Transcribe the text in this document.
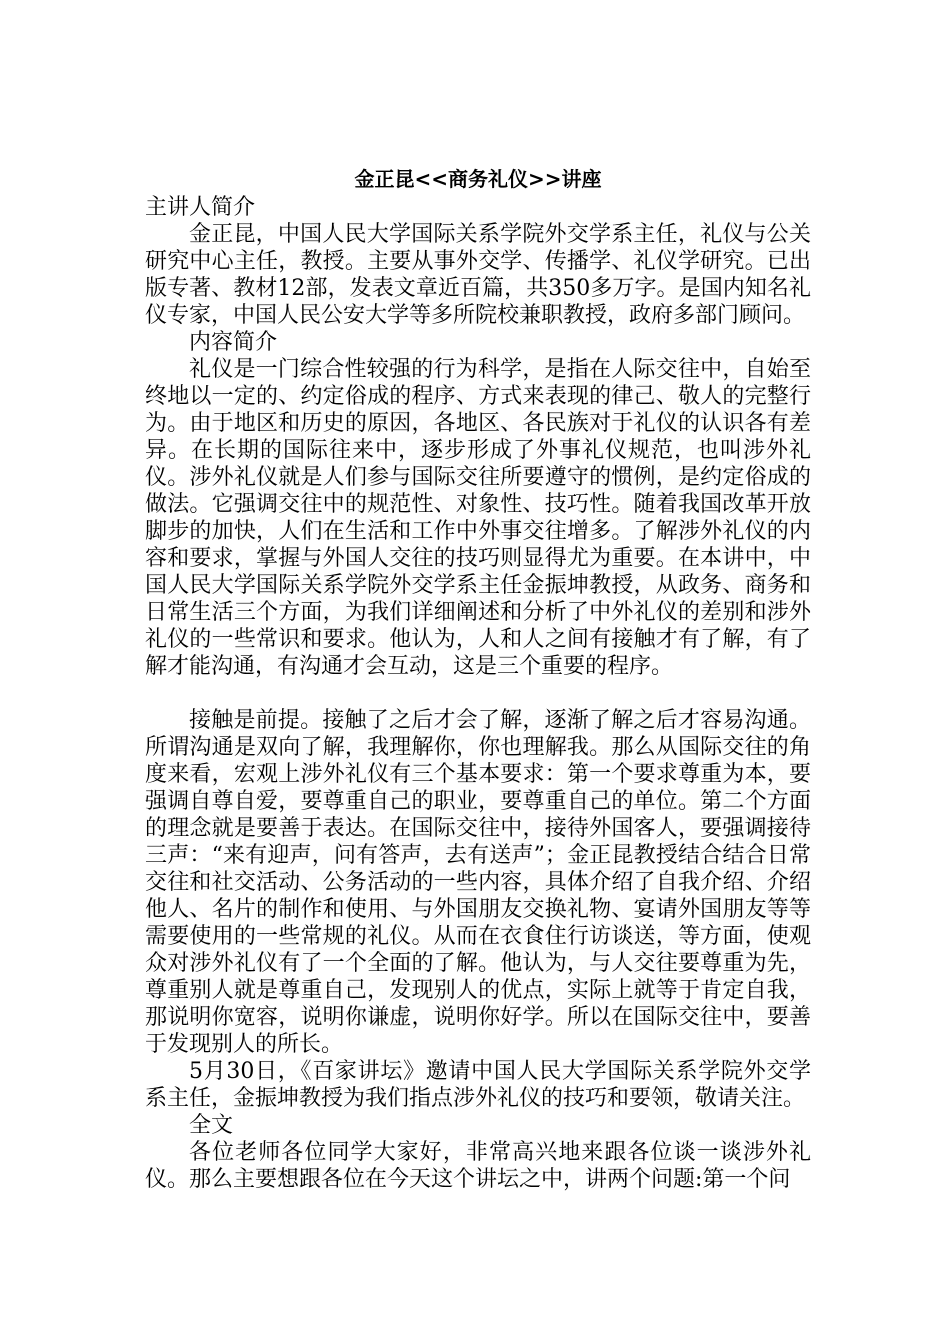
金正昆<<商务礼仪>>讲座
主讲人简介
金正昆，中国人民大学国际关系学院外交学系主任，礼仪与公关研究中心主任，教授。主要从事外交学、传播学、礼仪学研究。已出版专著、教材12部，发表文章近百篇，共350多万字。是国内知名礼仪专家，中国人民公安大学等多所院校兼职教授，政府多部门顾问。
内容简介
礼仪是一门综合性较强的行为科学，是指在人际交往中，自始至终地以一定的、约定俗成的程序、方式来表现的律己、敬人的完整行为。由于地区和历史的原因，各地区、各民族对于礼仪的认识各有差异。在长期的国际往来中，逐步形成了外事礼仪规范，也叫涉外礼仪。涉外礼仪就是人们参与国际交往所要遵守的惯例，是约定俗成的做法。它强调交往中的规范性、对象性、技巧性。随着我国改革开放脚步的加快，人们在生活和工作中外事交往增多。了解涉外礼仪的内容和要求，掌握与外国人交往的技巧则显得尤为重要。在本讲中，中国人民大学国际关系学院外交学系主任金振坤教授，从政务、商务和日常生活三个方面，为我们详细阐述和分析了中外礼仪的差别和涉外礼仪的一些常识和要求。他认为，人和人之间有接触才有了解，有了解才能沟通，有沟通才会互动，这是三个重要的程序。
接触是前提。接触了之后才会了解，逐渐了解之后才容易沟通。所谓沟通是双向了解，我理解你，你也理解我。那么从国际交往的角度来看，宏观上涉外礼仪有三个基本要求：第一个要求尊重为本，要强调自尊自爱，要尊重自己的职业，要尊重自己的单位。第二个方面的理念就是要善于表达。在国际交往中，接待外国客人，要强调接待三声：“来有迎声，问有答声，去有送声”；金正昆教授结合结合日常交往和社交活动、公务活动的一些内容，具体介绍了自我介绍、介绍他人、名片的制作和使用、与外国朋友交换礼物、宴请外国朋友等等需要使用的一些常规的礼仪。从而在衣食住行访谈送，等方面，使观众对涉外礼仪有了一个全面的了解。他认为，与人交往要尊重为先，尊重别人就是尊重自己，发现别人的优点，实际上就等于肯定自我，那说明你宽容，说明你谦虚，说明你好学。所以在国际交往中，要善于发现别人的所长。
5月30日，《百家讲坛》邀请中国人民大学国际关系学院外交学系主任，金振坤教授为我们指点涉外礼仪的技巧和要领，敬请关注。
全文
各位老师各位同学大家好，非常高兴地来跟各位谈一谈涉外礼仪。那么主要想跟各位在今天这个讲坛之中，讲两个问题:第一个问
